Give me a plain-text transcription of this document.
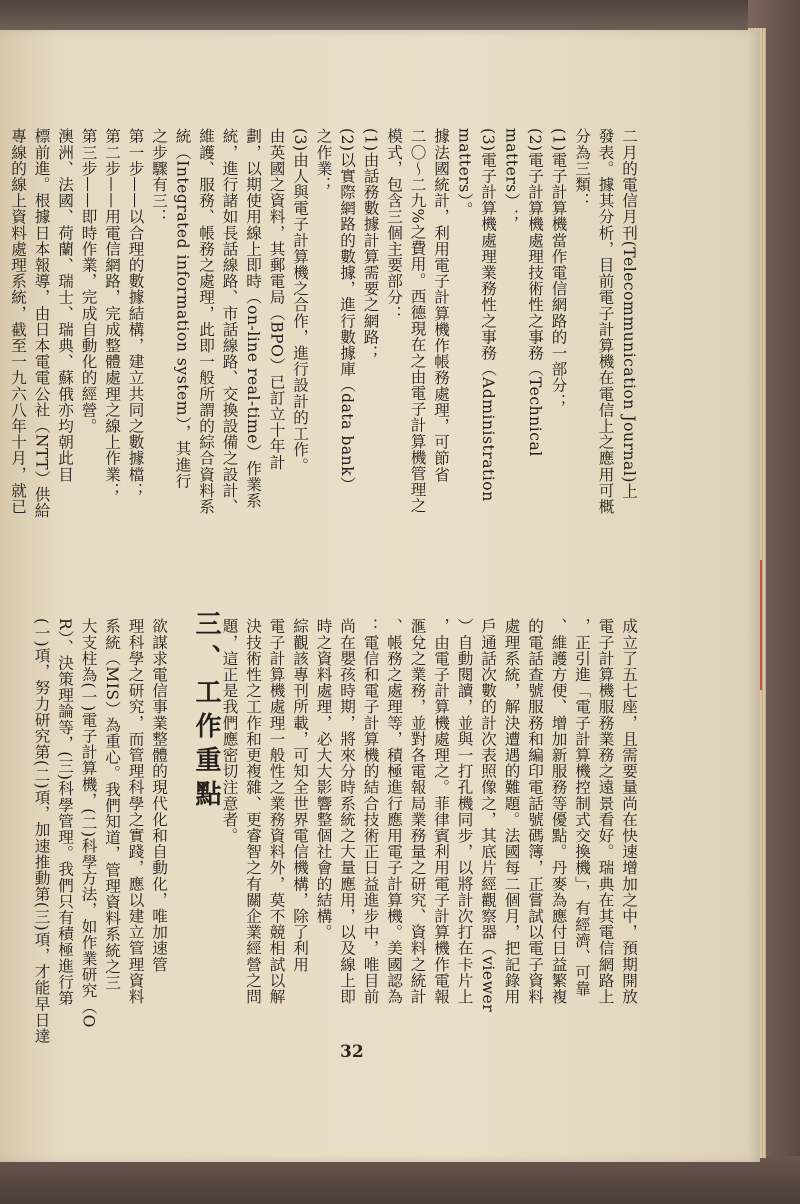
二月的電信月刊(Telecommunication Journal)上
發表。據其分析，目前電子計算機在電信上之應用可概
分為三類：
(1)電子計算機當作電信網路的一部分；
(2)電子計算機處理技術性之事務（Technical
matters）；
(3)電子計算機處理業務性之事務（Administration
matters）。
據法國統計，利用電子計算機作帳務處理，可節省
二〇～二九%之費用。西德現在之由電子計算機管理之
模式，包含三個主要部分：
(1)由話務數據計算需要之網路；
(2)以實際網路的數據，進行數據庫（data bank）
之作業；
(3)由人與電子計算機之合作，進行設計的工作。
由英國之資料，其郵電局（BPO）已訂立十年計
劃，以期使用線上即時（on-line real-time）作業系
統，進行諸如長話線路、市話線路、交換設備之設計、
維護、服務、帳務之處理，此即一般所謂的綜合資料系
統（Integrated information system），其進行
之步驟有三：
第一步——以合理的數據結構，建立共同之數據檔；
第二步——用電信網路，完成整體處理之線上作業；
第三步——即時作業，完成自動化的經營。
澳洲、法國、荷蘭、瑞士、瑞典、蘇俄亦均朝此目
標前進。根據日本報導，由日本電電公社（NTT）供給
專線的線上資料處理系統，截至一九六八年十月，就已
成立了五七座，且需要量尚在快速增加之中，預期開放
電子計算機服務業務之遠景看好。瑞典在其電信網路上
，正引進「電子計算機控制式交換機」，有經濟、可靠
、維護方便、增加新服務等優點。丹麥為應付日益繁複
的電話查號服務和編印電話號碼簿，正嘗試以電子資料
處理系統，解決遭遇的難題。法國每二個月，把記錄用
戶通話次數的計次表照像之，其底片經觀察器（viewer
）自動閱讀，並與一打孔機同步，以將計次打在卡片上
，由電子計算機處理之。菲律賓利用電子計算機作電報
滙兌之業務，並對各電報局業務量之研究、資料之統計
、帳務之處理等，積極進行應用電子計算機。美國認為
：電信和電子計算機的結合技術正日益進步中，唯目前
尚在嬰孩時期，將來分時系統之大量應用，以及線上即
時之資料處理，必大大影響整個社會的結構。
綜觀該專刊所載，可知全世界電信機構，除了利用
電子計算機處理一般性之業務資料外，莫不競相試以解
決技術性之工作和更複雜、更睿智之有關企業經營之問
題，這正是我們應密切注意者。

欲謀求電信事業整體的現代化和自動化，唯加速管
理科學之研究，而管理科學之實踐，應以建立管理資料
系統（MIS）為重心。我們知道，管理資料系統之三
大支柱為(一)電子計算機，(二)科學方法，如作業研究（O
R）、決策理論等，(三)科學管理。我們只有積極進行第
(一)項，努力研究第(二)項，加速推動第(三)項，才能早日達	三、工作重點
32
